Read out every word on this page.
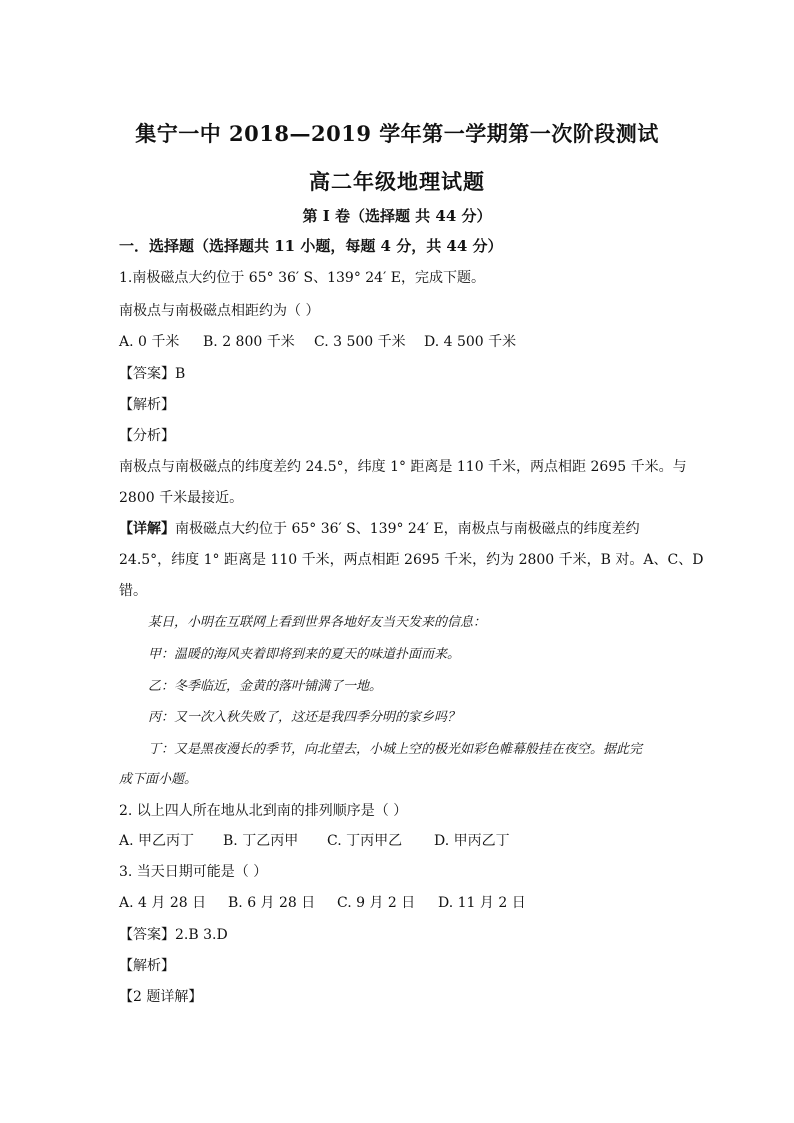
集宁一中 2018—2019 学年第一学期第一次阶段测试
高二年级地理试题
第 I 卷（选择题 共 44 分）
一．选择题（选择题共 11 小题，每题 4 分，共 44 分）
1.南极磁点大约位于 65° 36′ S、139° 24′ E，完成下题。
南极点与南极磁点相距约为（ ）
A. 0 千米 B. 2 800 千米 C. 3 500 千米 D. 4 500 千米
【答案】B
【解析】
【分析】
南极点与南极磁点的纬度差约 24.5°，纬度 1° 距离是 110 千米，两点相距 2695 千米。与
2800 千米最接近。
【详解】南极磁点大约位于 65° 36′ S、139° 24′ E，南极点与南极磁点的纬度差约
24.5°，纬度 1° 距离是 110 千米，两点相距 2695 千米，约为 2800 千米，B 对。A、C、D
错。
某日，小明在互联网上看到世界各地好友当天发来的信息：
甲：温暖的海风夹着即将到来的夏天的味道扑面而来。
乙：冬季临近，金黄的落叶铺满了一地。
丙：又一次入秋失败了，这还是我四季分明的家乡吗？
丁：又是黑夜漫长的季节，向北望去，小城上空的极光如彩色帷幕般挂在夜空。据此完
成下面小题。
2. 以上四人所在地从北到南的排列顺序是（ ）
A. 甲乙丙丁 B. 丁乙丙甲 C. 丁丙甲乙 D. 甲丙乙丁
3. 当天日期可能是（ ）
A. 4 月 28 日 B. 6 月 28 日 C. 9 月 2 日 D. 11 月 2 日
【答案】2.B 3.D
【解析】
【2 题详解】
